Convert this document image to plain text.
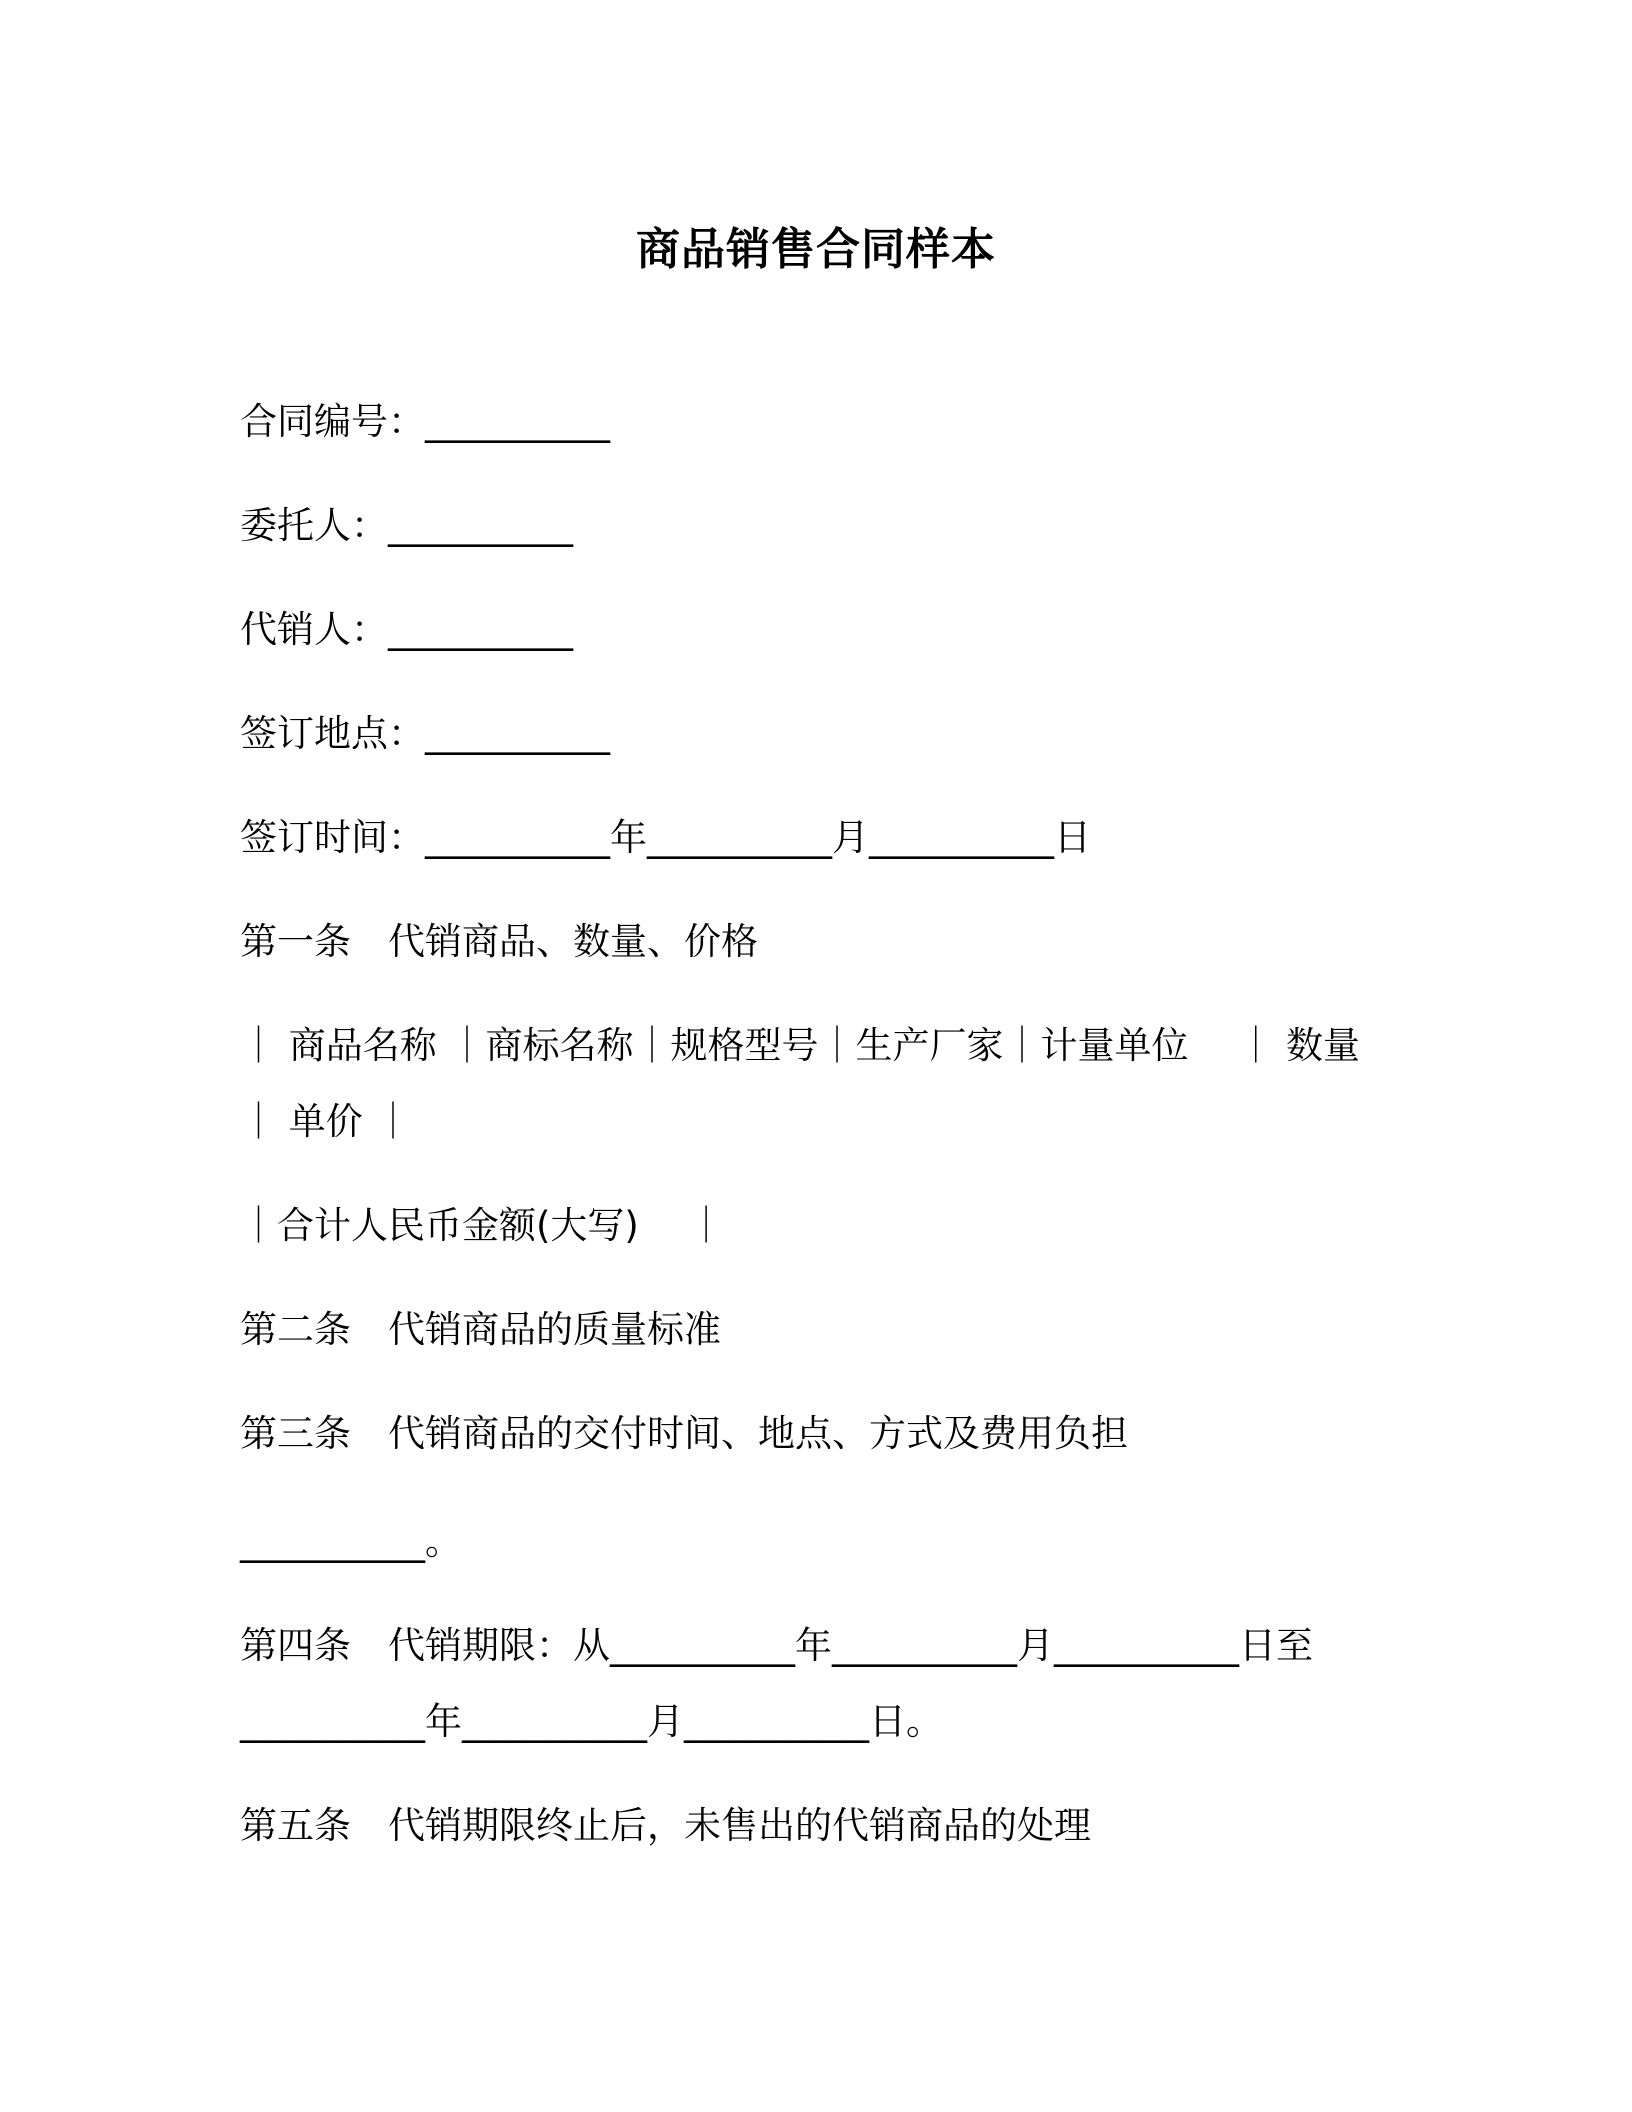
商品销售合同样本
合同编号：__________
委托人：__________
代销人：__________
签订地点：__________
签订时间：__________年__________月__________日
第一条　代销商品、数量、价格
｜ 商品名称 ｜商标名称｜规格型号｜生产厂家｜计量单位　 ｜ 数量
｜ 单价 ｜
｜合计人民币金额(大写)　 ｜
第二条　代销商品的质量标准
第三条　代销商品的交付时间、地点、方式及费用负担
__________。
第四条　代销期限：从__________年__________月__________日至
__________年__________月__________日。
第五条　代销期限终止后，未售出的代销商品的处理
